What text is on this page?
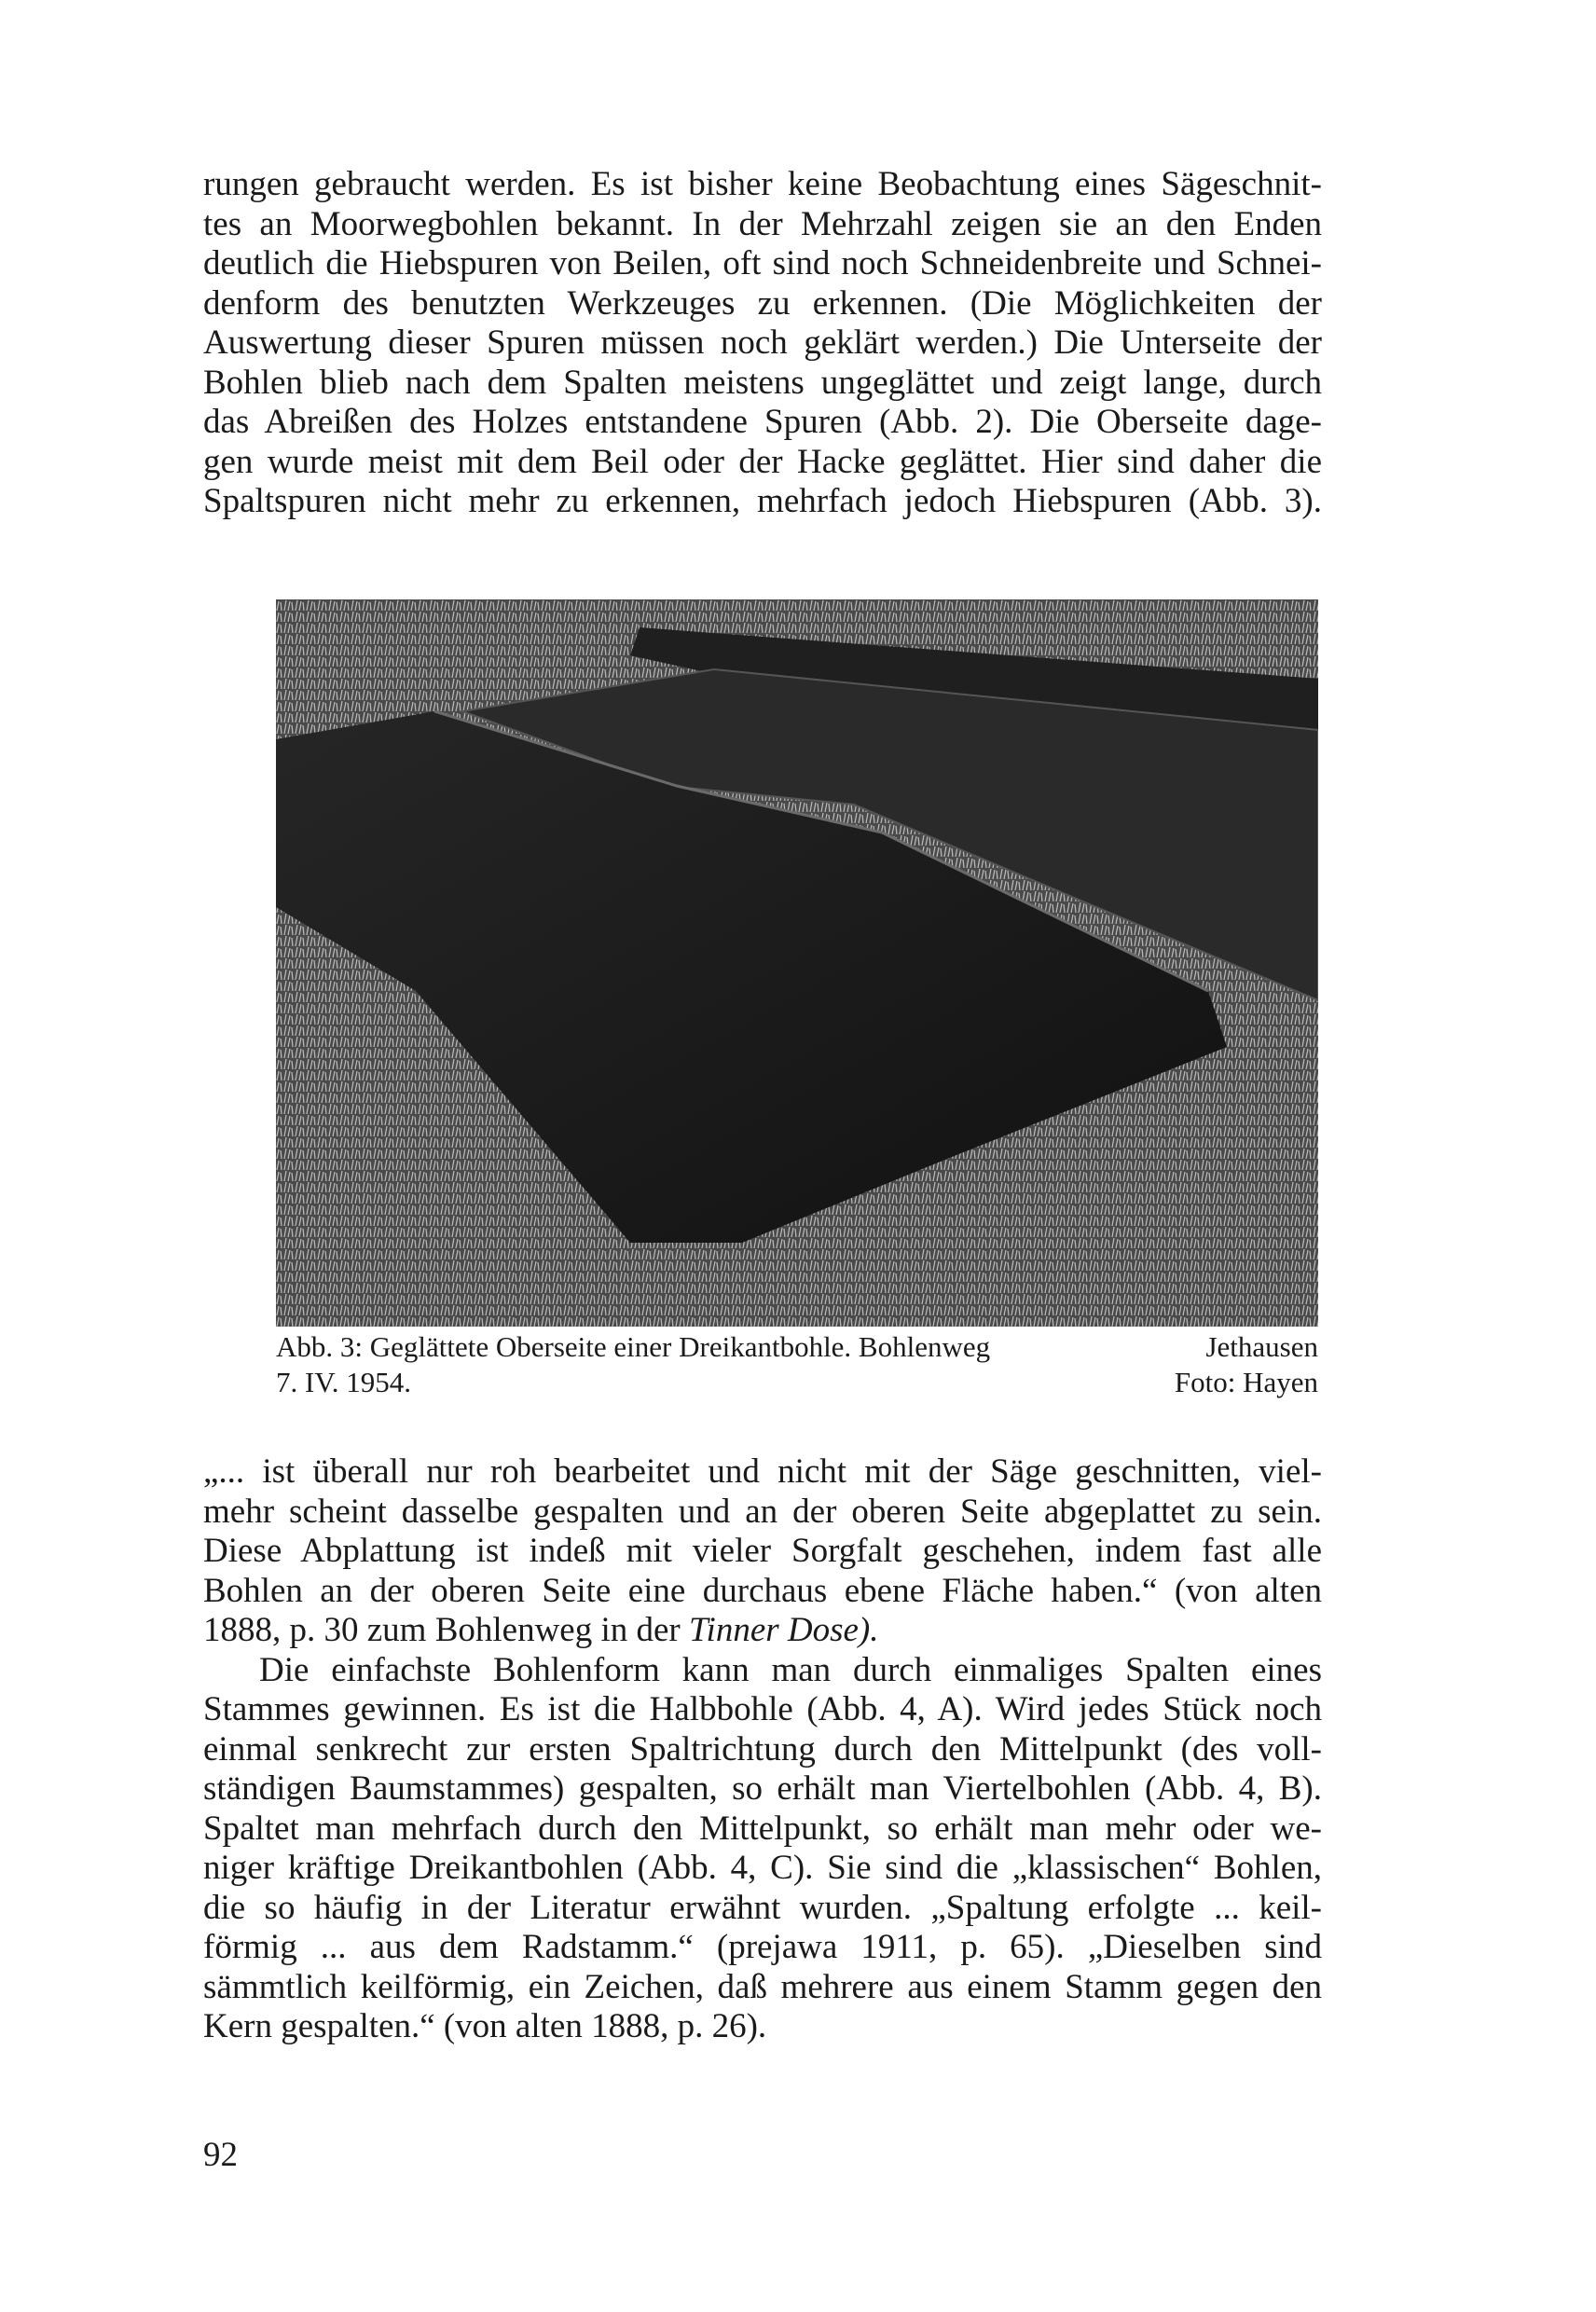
rungen gebraucht werden. Es ist bisher keine Beobachtung eines Sägeschnit-
tes an Moorwegbohlen bekannt. In der Mehrzahl zeigen sie an den Enden
deutlich die Hiebspuren von Beilen, oft sind noch Schneidenbreite und Schnei-
denform des benutzten Werkzeuges zu erkennen. (Die Möglichkeiten der
Auswertung dieser Spuren müssen noch geklärt werden.) Die Unterseite der
Bohlen blieb nach dem Spalten meistens ungeglättet und zeigt lange, durch
das Abreißen des Holzes entstandene Spuren (Abb. 2). Die Oberseite dage-
gen wurde meist mit dem Beil oder der Hacke geglättet. Hier sind daher die
Spaltspuren nicht mehr zu erkennen, mehrfach jedoch Hiebspuren (Abb. 3).
Abb. 3: Geglättete Oberseite einer Dreikantbohle. Bohlenweg	Jethausen
7. IV. 1954.	Foto: Hayen
„... ist überall nur roh bearbeitet und nicht mit der Säge geschnitten, viel-
mehr scheint dasselbe gespalten und an der oberen Seite abgeplattet zu sein.
Diese Abplattung ist indeß mit vieler Sorgfalt geschehen, indem fast alle
Bohlen an der oberen Seite eine durchaus ebene Fläche haben.“ (von alten
1888, p. 30 zum Bohlenweg in der Tinner Dose).
Die einfachste Bohlenform kann man durch einmaliges Spalten eines
Stammes gewinnen. Es ist die Halbbohle (Abb. 4, A). Wird jedes Stück noch
einmal senkrecht zur ersten Spaltrichtung durch den Mittelpunkt (des voll-
ständigen Baumstammes) gespalten, so erhält man Viertelbohlen (Abb. 4, B).
Spaltet man mehrfach durch den Mittelpunkt, so erhält man mehr oder we-
niger kräftige Dreikantbohlen (Abb. 4, C). Sie sind die „klassischen“ Bohlen,
die so häufig in der Literatur erwähnt wurden. „Spaltung erfolgte ... keil-
förmig ... aus dem Radstamm.“ (prejawa 1911, p. 65). „Dieselben sind
sämmtlich keilförmig, ein Zeichen, daß mehrere aus einem Stamm gegen den
Kern gespalten.“ (von alten 1888, p. 26).
92
